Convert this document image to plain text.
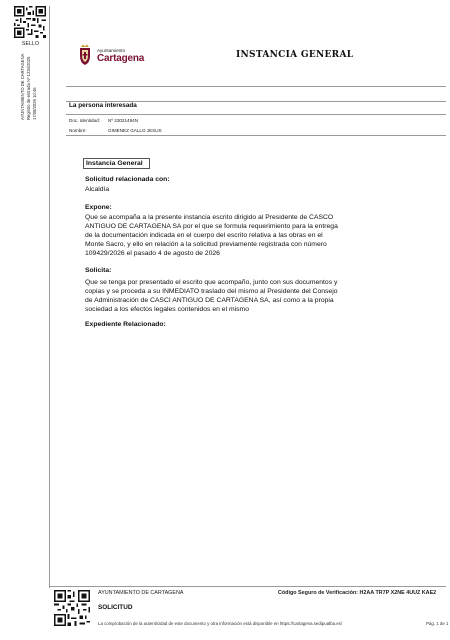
SELLO
AYUNTAMIENTO DE CARTAGENA Registro de entrada Nº 1234/2026 17/08/2026 10:46
Ayuntamiento
Cartagena	INSTANCIA GENERAL
La persona interesada
Doc. Identidad: Nº 23021494N
Nombre:	GIMENEZ GALLO JESUS
Instancia General
Solicitud relacionada con:
Alcaldía
Expone:
Que se acompaña a la presente instancia escrito dirigido al Presidente de CASCO
ANTIGUO DE CARTAGENA SA por el que se formula requerimiento para la entrega
de la documentación indicada en el cuerpo del escrito relativa a las obras en el
Monte Sacro, y ello en relación a la solicitud previamente registrada con número
109429/2026 el pasado 4 de agosto de 2026
Solicita:
Que se tenga por presentado el escrito que acompaño, junto con sus documentos y
copias y se proceda a su INMEDIATO traslado del mismo al Presidente del Consejo
de Administración de CASCI ANTIGUO DE CARTAGENA SA, así como a la propia
sociedad a los efectos legales contenidos en el mismo
Expediente Relacionado:
AYUNTAMIENTO DE CARTAGENA	Código Seguro de Verificación: H2AA TR7P X2NE 4UUZ KAE2
SOLICITUD
La comprobación de la autenticidad de este documento y otra información está disponible en https://cartagena.sedipualba.es/	Pág. 1 de 1
